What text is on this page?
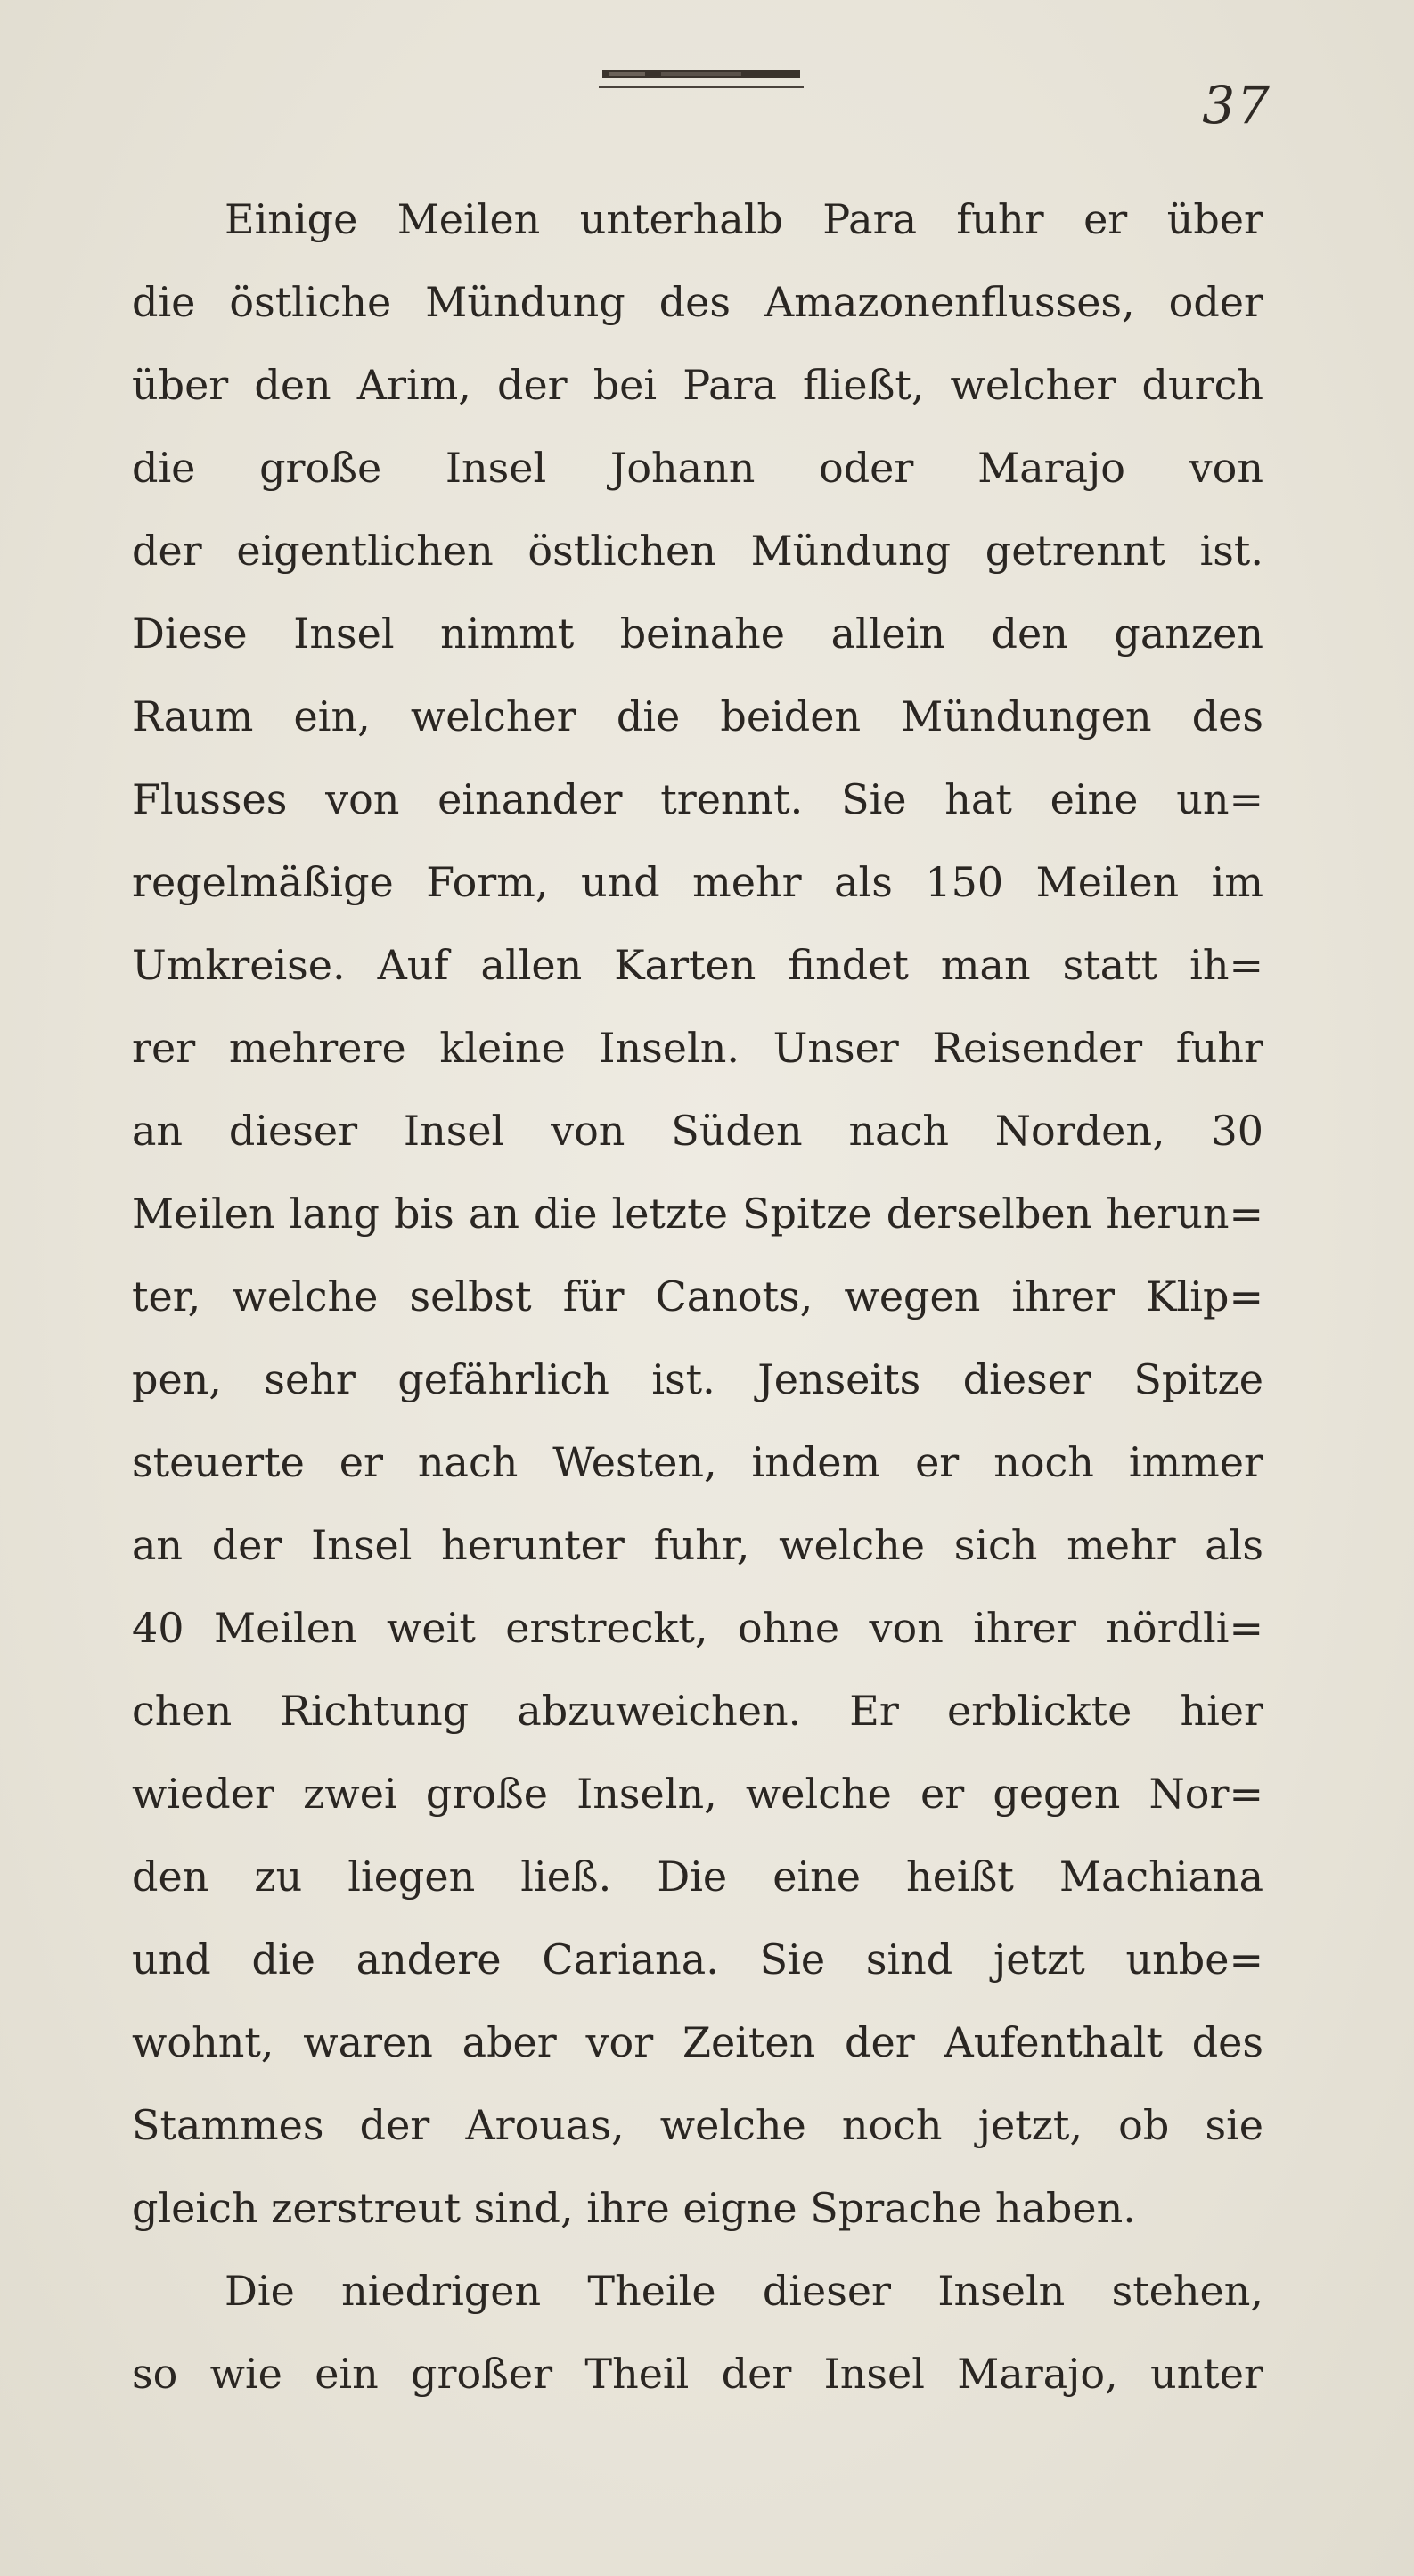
37
Einige Meilen unterhalb Para fuhr er über
die östliche Mündung des Amazonenflusses, oder
über den Arim, der bei Para fließt, welcher durch
die große Insel Johann oder Marajo von
der eigentlichen östlichen Mündung getrennt ist.
Diese Insel nimmt beinahe allein den ganzen
Raum ein, welcher die beiden Mündungen des
Flusses von einander trennt. Sie hat eine un=
regelmäßige Form, und mehr als 150 Meilen im
Umkreise. Auf allen Karten findet man statt ih=
rer mehrere kleine Inseln. Unser Reisender fuhr
an dieser Insel von Süden nach Norden, 30
Meilen lang bis an die letzte Spitze derselben herun=
ter, welche selbst für Canots, wegen ihrer Klip=
pen, sehr gefährlich ist. Jenseits dieser Spitze
steuerte er nach Westen, indem er noch immer
an der Insel herunter fuhr, welche sich mehr als
40 Meilen weit erstreckt, ohne von ihrer nördli=
chen Richtung abzuweichen. Er erblickte hier
wieder zwei große Inseln, welche er gegen Nor=
den zu liegen ließ. Die eine heißt Machiana
und die andere Cariana. Sie sind jetzt unbe=
wohnt, waren aber vor Zeiten der Aufenthalt des
Stammes der Arouas, welche noch jetzt, ob sie
gleich zerstreut sind, ihre eigne Sprache haben.
Die niedrigen Theile dieser Inseln stehen,
so wie ein großer Theil der Insel Marajo, unter
